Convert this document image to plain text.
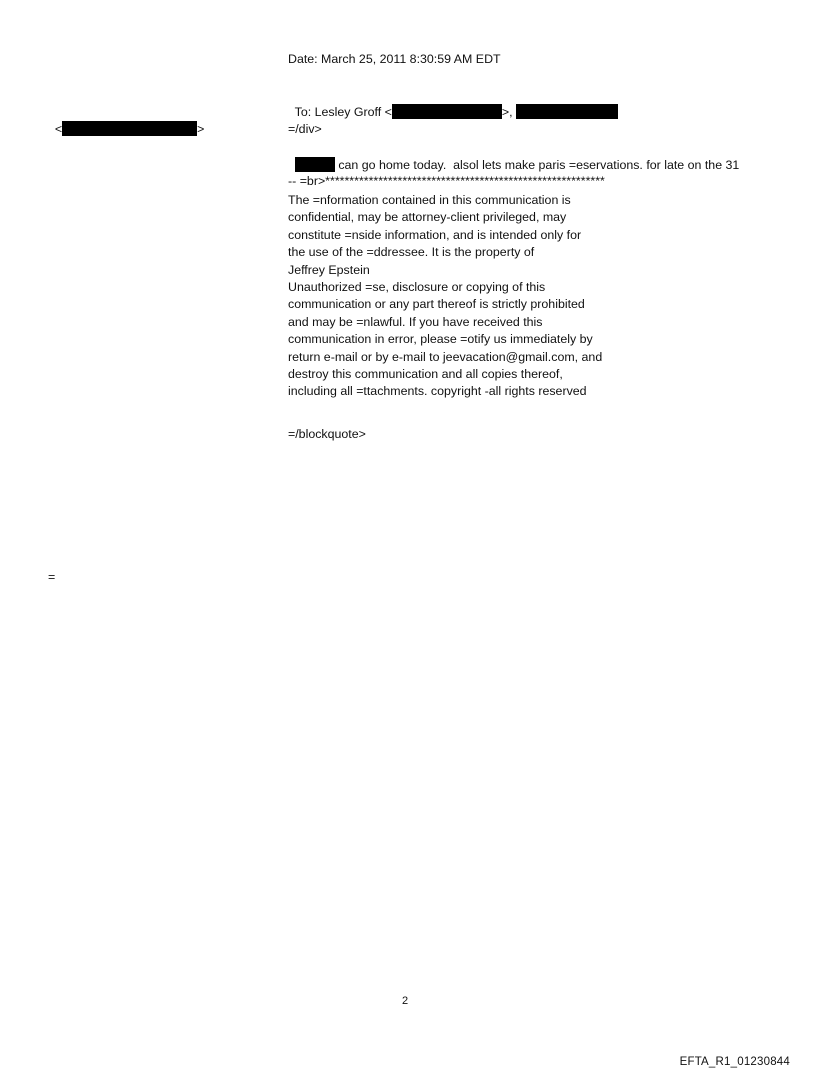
Date: March 25, 2011 8:30:59 AM EDT

To: Lesley Groff <	>,

<	>	=/div>

can go home today.  alsol lets make paris =eservations. for late on the 31

-- =br>**********************************************************
The =nformation contained in this communication is
confidential, may be attorney-client privileged, may
constitute =nside information, and is intended only for
the use of the =ddressee. It is the property of
Jeffrey Epstein
Unauthorized =se, disclosure or copying of this
communication or any part thereof is strictly prohibited
and may be =nlawful. If you have received this
communication in error, please =otify us immediately by
return e-mail or by e-mail to jeevacation@gmail.com, and
destroy this communication and all copies thereof,
including all =ttachments. copyright -all rights reserved
=/blockquote>
=
2
EFTA_R1_01230844
